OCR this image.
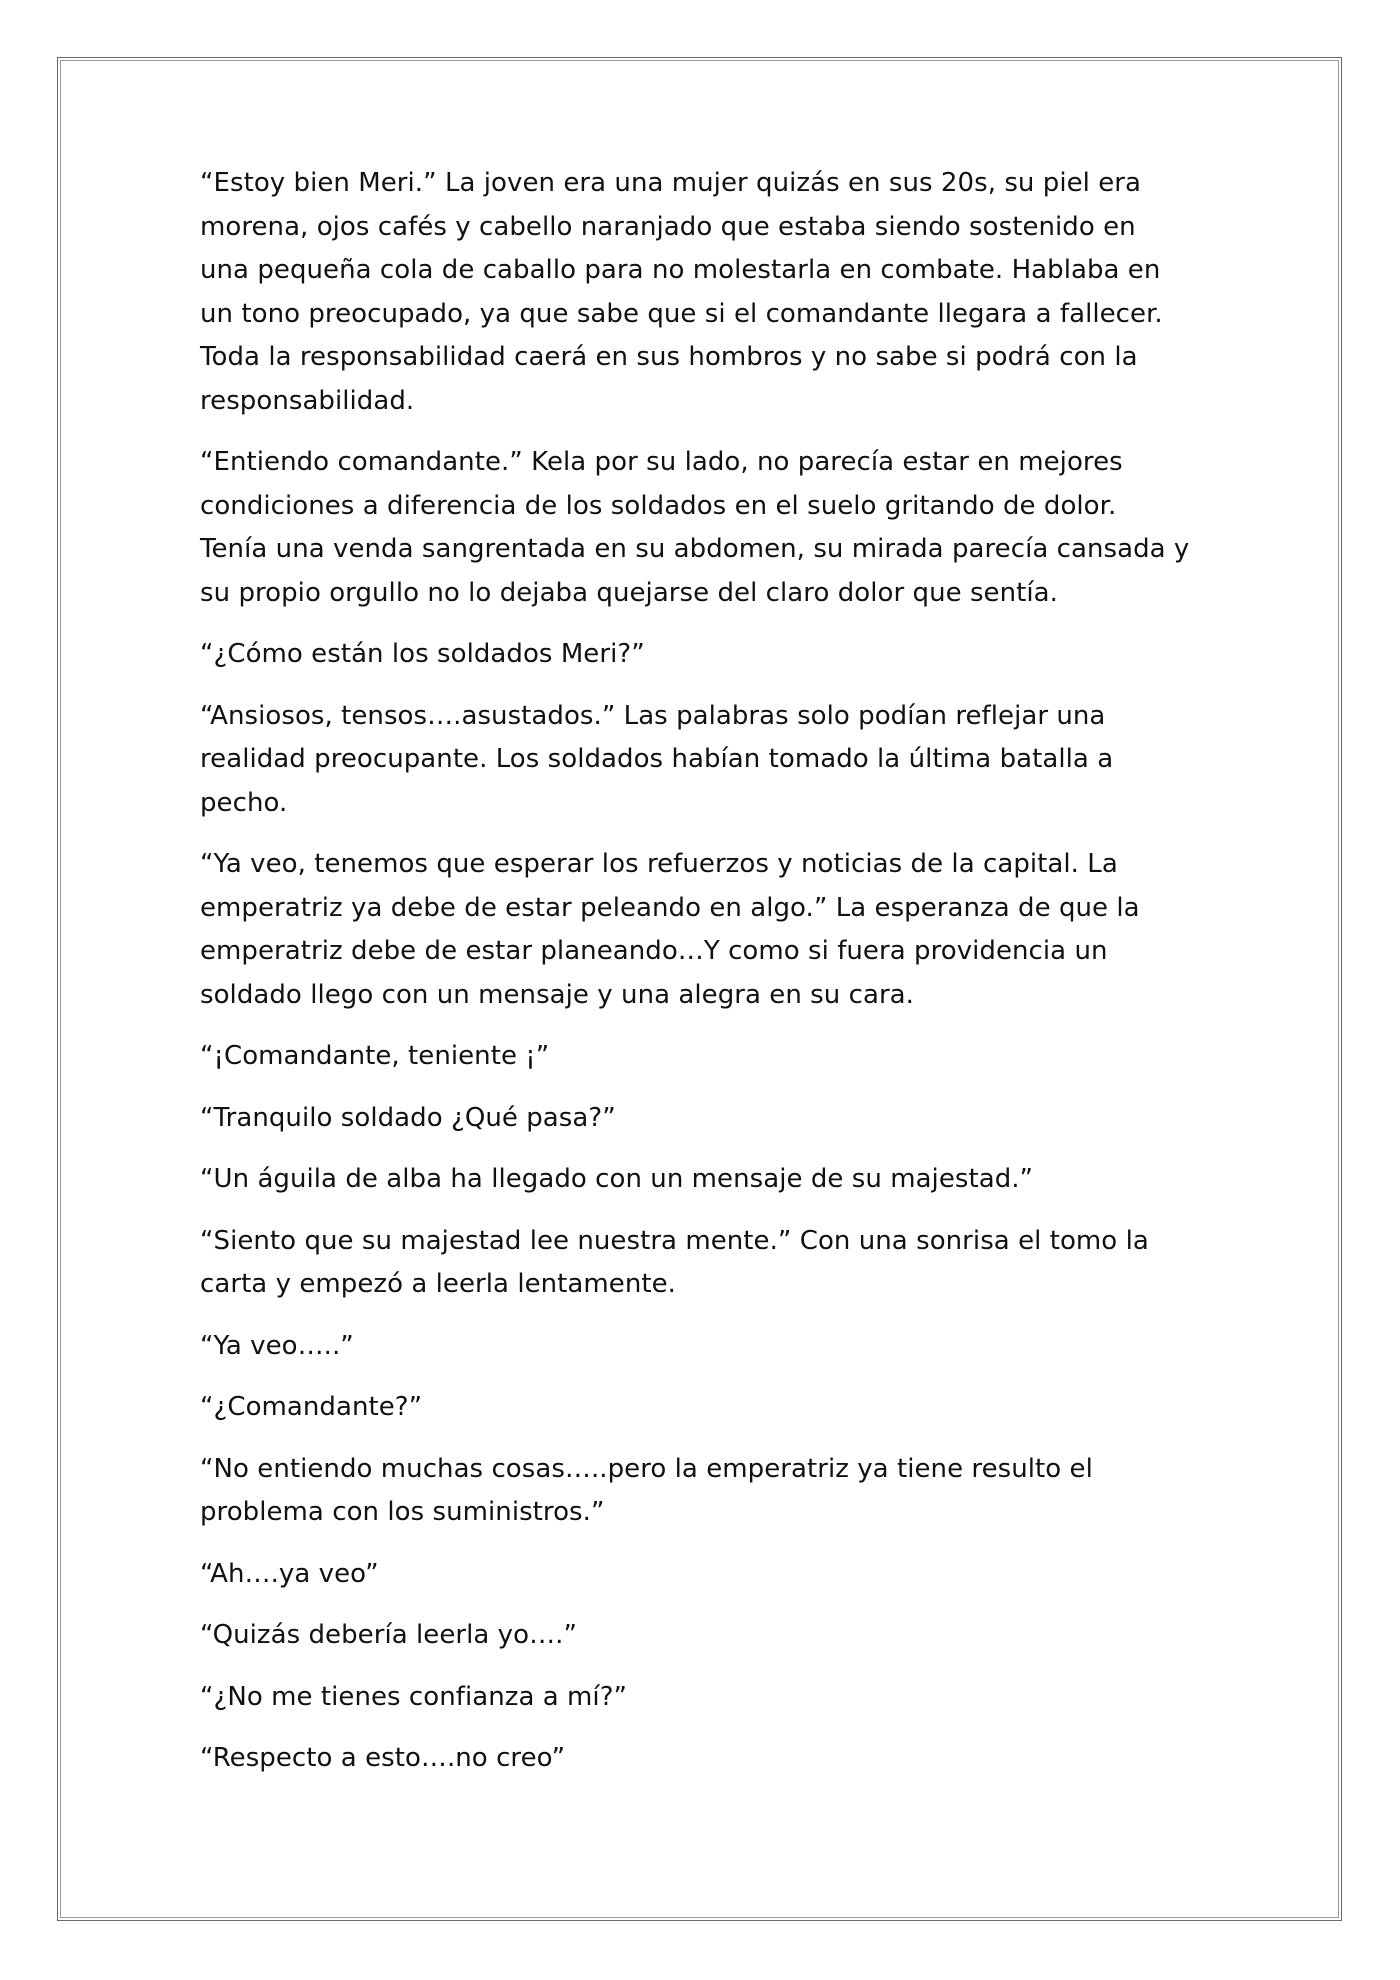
“Estoy bien Meri.” La joven era una mujer quizás en sus 20s, su piel era
morena, ojos cafés y cabello naranjado que estaba siendo sostenido en
una pequeña cola de caballo para no molestarla en combate. Hablaba en
un tono preocupado, ya que sabe que si el comandante llegara a fallecer.
Toda la responsabilidad caerá en sus hombros y no sabe si podrá con la
responsabilidad.

“Entiendo comandante.” Kela por su lado, no parecía estar en mejores
condiciones a diferencia de los soldados en el suelo gritando de dolor.
Tenía una venda sangrentada en su abdomen, su mirada parecía cansada y
su propio orgullo no lo dejaba quejarse del claro dolor que sentía.

“¿Cómo están los soldados Meri?”

“Ansiosos, tensos….asustados.” Las palabras solo podían reflejar una
realidad preocupante. Los soldados habían tomado la última batalla a
pecho.

“Ya veo, tenemos que esperar los refuerzos y noticias de la capital. La
emperatriz ya debe de estar peleando en algo.” La esperanza de que la
emperatriz debe de estar planeando…Y como si fuera providencia un
soldado llego con un mensaje y una alegra en su cara.

“¡Comandante, teniente ¡”

“Tranquilo soldado ¿Qué pasa?”

“Un águila de alba ha llegado con un mensaje de su majestad.”

“Siento que su majestad lee nuestra mente.” Con una sonrisa el tomo la
carta y empezó a leerla lentamente.

“Ya veo…..”

“¿Comandante?”

“No entiendo muchas cosas…..pero la emperatriz ya tiene resulto el
problema con los suministros.”

“Ah….ya veo”

“Quizás debería leerla yo….”

“¿No me tienes confianza a mí?”

“Respecto a esto….no creo”
